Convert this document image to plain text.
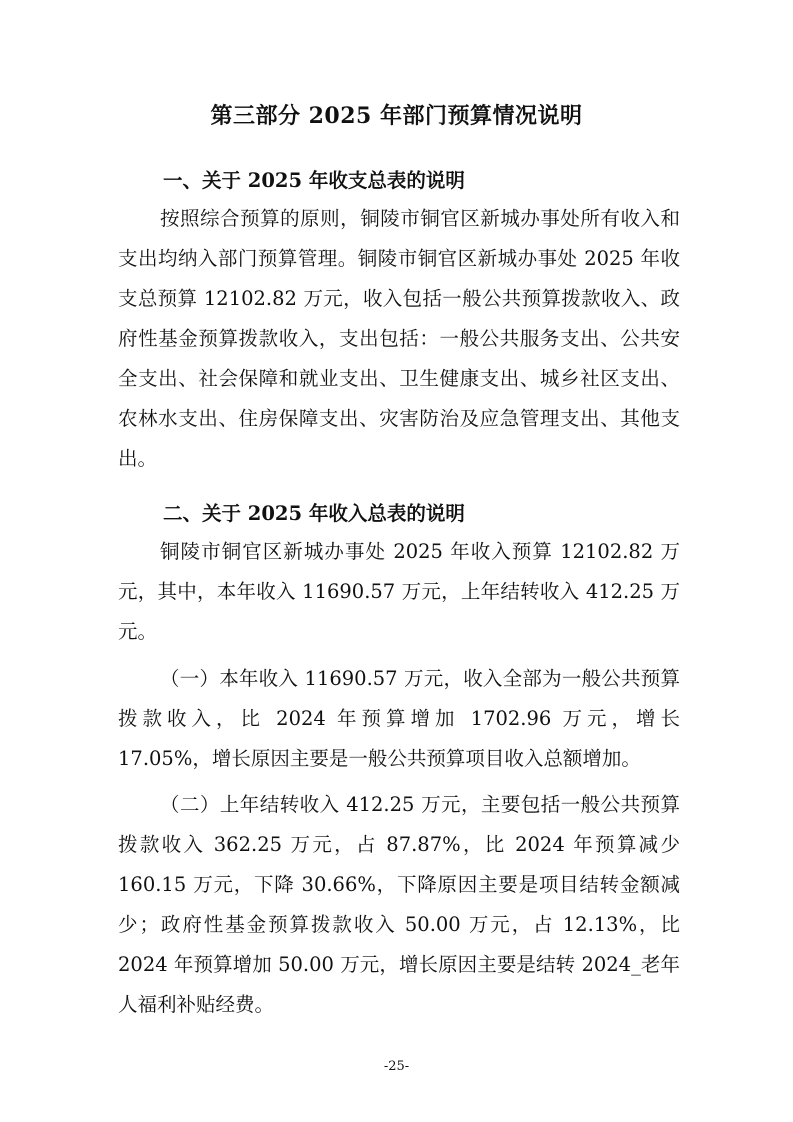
第三部分 2025 年部门预算情况说明
一、关于 2025 年收支总表的说明

按照综合预算的原则，铜陵市铜官区新城办事处所有收入和支出均纳入部门预算管理。铜陵市铜官区新城办事处 2025 年收支总预算 12102.82 万元，收入包括一般公共预算拨款收入、政府性基金预算拨款收入，支出包括：一般公共服务支出、公共安全支出、社会保障和就业支出、卫生健康支出、城乡社区支出、农林水支出、住房保障支出、灾害防治及应急管理支出、其他支出。

二、关于 2025 年收入总表的说明

铜陵市铜官区新城办事处 2025 年收入预算 12102.82 万元，其中，本年收入 11690.57 万元，上年结转收入 412.25 万元。

（一）本年收入 11690.57 万元，收入全部为一般公共预算拨款收入，比 2024 年预算增加 1702.96 万元，增长 17.05%，增长原因主要是一般公共预算项目收入总额增加。

（二）上年结转收入 412.25 万元，主要包括一般公共预算拨款收入 362.25 万元，占 87.87%，比 2024 年预算减少 160.15 万元，下降 30.66%，下降原因主要是项目结转金额减少；政府性基金预算拨款收入 50.00 万元，占 12.13%，比 2024 年预算增加 50.00 万元，增长原因主要是结转 2024_老年人福利补贴经费。

-25-
